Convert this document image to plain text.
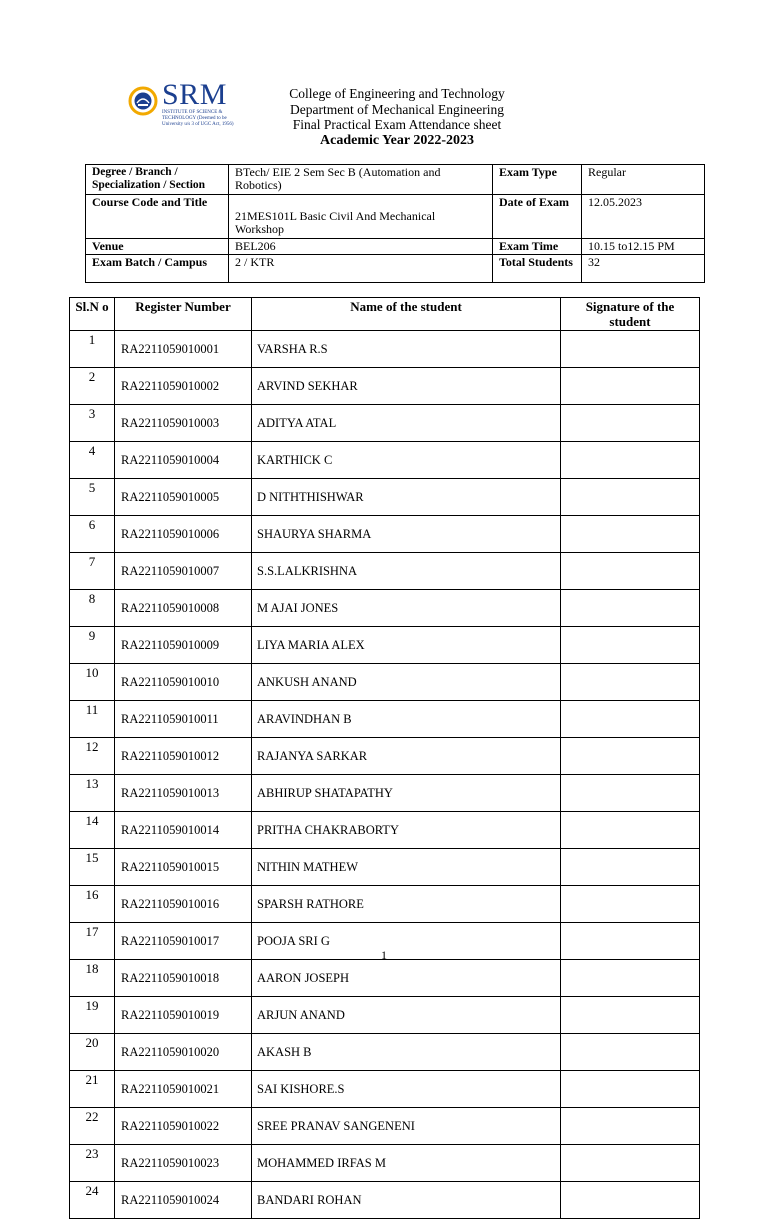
SRM
INSTITUTE OF SCIENCE & TECHNOLOGY (Deemed to be University u/s 3 of UGC Act, 1956)
College of Engineering and Technology
Department of Mechanical Engineering
Final Practical Exam Attendance sheet
Academic Year 2022-2023
Degree / Branch / Specialization / Section	BTech/ EIE 2 Sem Sec B (Automation and Robotics)	Exam Type	Regular
Course Code and Title	21MES101L Basic Civil And Mechanical Workshop	Date of Exam	12.05.2023
Venue	BEL206	Exam Time	10.15 to12.15 PM
Exam Batch / Campus	2 / KTR	Total Students	32
Sl.N o	Register Number	Name of the student	Signature of the student
1	RA2211059010001	VARSHA R.S	
2	RA2211059010002	ARVIND SEKHAR	
3	RA2211059010003	ADITYA ATAL	
4	RA2211059010004	KARTHICK C	
5	RA2211059010005	D NITHTHISHWAR	
6	RA2211059010006	SHAURYA SHARMA	
7	RA2211059010007	S.S.LALKRISHNA	
8	RA2211059010008	M AJAI JONES	
9	RA2211059010009	LIYA MARIA ALEX	
10	RA2211059010010	ANKUSH ANAND	
11	RA2211059010011	ARAVINDHAN B	
12	RA2211059010012	RAJANYA SARKAR	
13	RA2211059010013	ABHIRUP SHATAPATHY	
14	RA2211059010014	PRITHA CHAKRABORTY	
15	RA2211059010015	NITHIN MATHEW	
16	RA2211059010016	SPARSH RATHORE	
17	RA2211059010017	POOJA SRI G	
18	RA2211059010018	AARON JOSEPH	
19	RA2211059010019	ARJUN ANAND	
20	RA2211059010020	AKASH B	
21	RA2211059010021	SAI KISHORE.S	
22	RA2211059010022	SREE PRANAV SANGENENI	
23	RA2211059010023	MOHAMMED IRFAS M	
24	RA2211059010024	BANDARI ROHAN	
1
